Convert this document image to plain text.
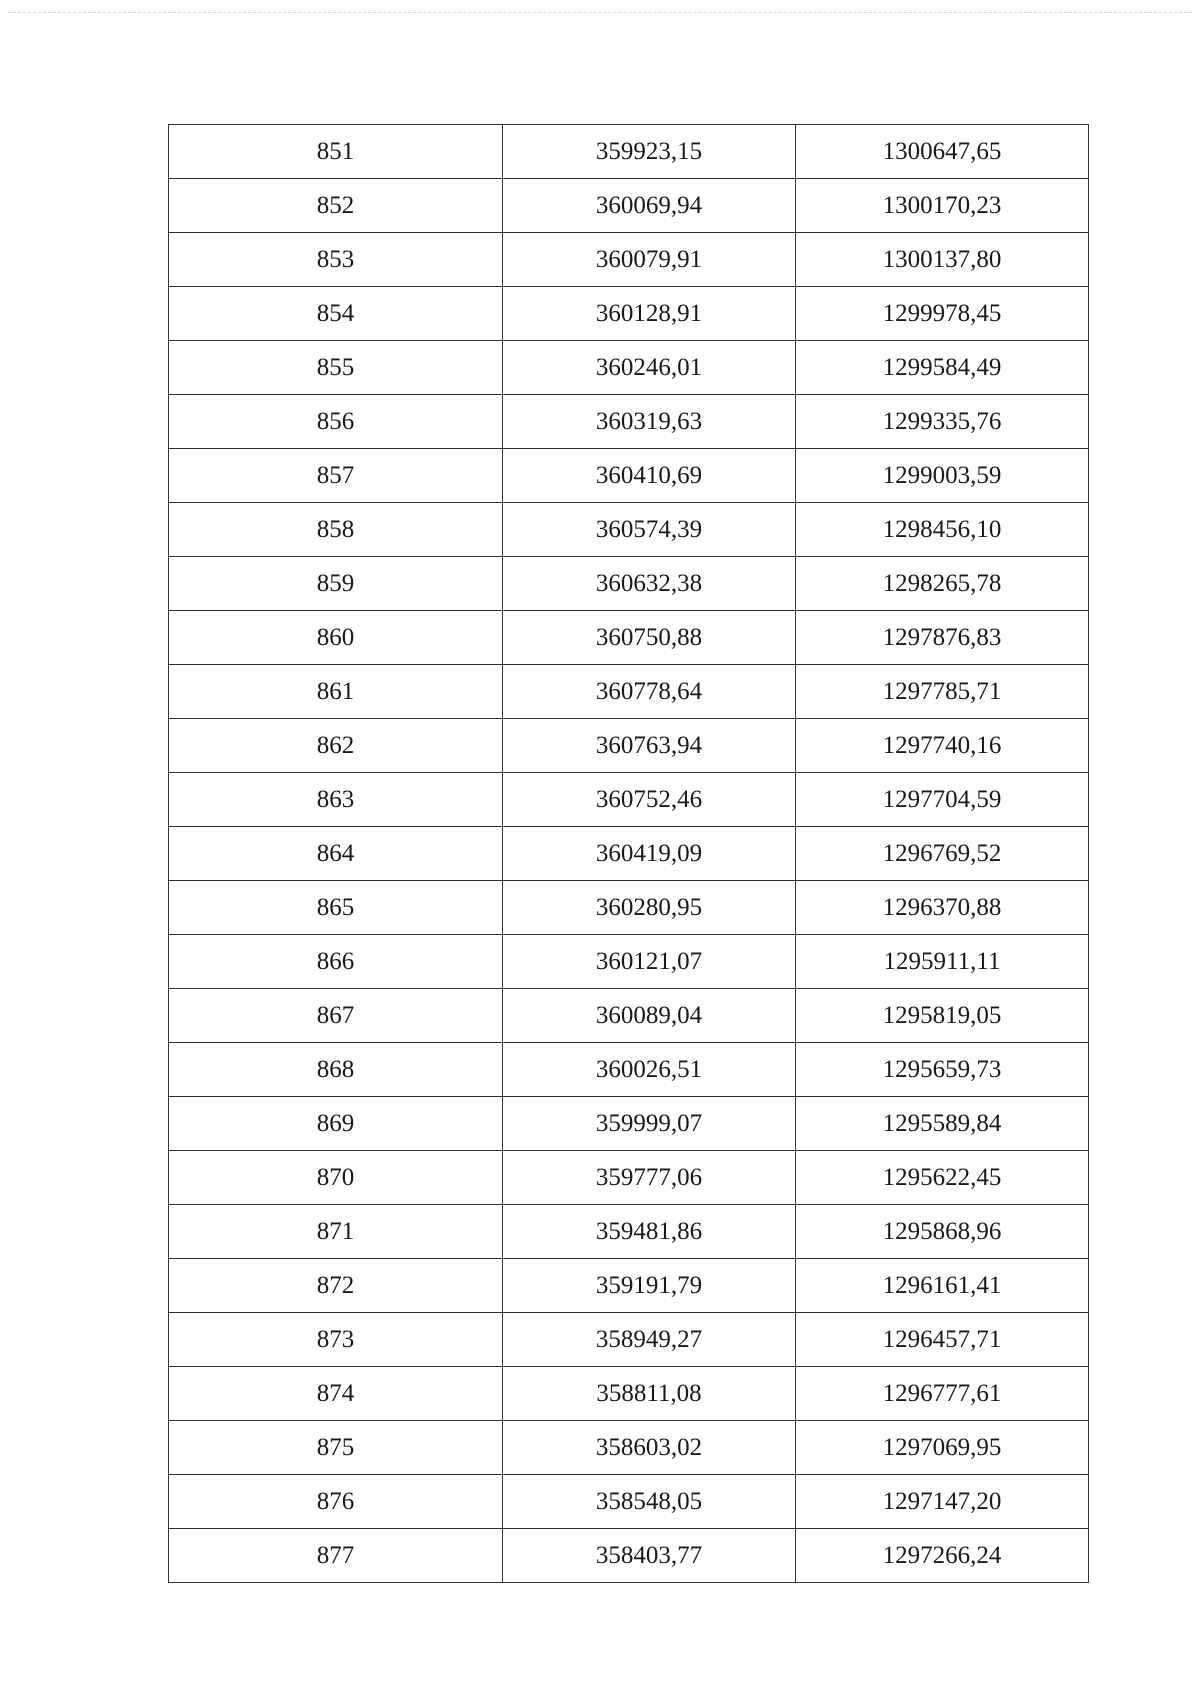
851	359923,15	1300647,65
852	360069,94	1300170,23
853	360079,91	1300137,80
854	360128,91	1299978,45
855	360246,01	1299584,49
856	360319,63	1299335,76
857	360410,69	1299003,59
858	360574,39	1298456,10
859	360632,38	1298265,78
860	360750,88	1297876,83
861	360778,64	1297785,71
862	360763,94	1297740,16
863	360752,46	1297704,59
864	360419,09	1296769,52
865	360280,95	1296370,88
866	360121,07	1295911,11
867	360089,04	1295819,05
868	360026,51	1295659,73
869	359999,07	1295589,84
870	359777,06	1295622,45
871	359481,86	1295868,96
872	359191,79	1296161,41
873	358949,27	1296457,71
874	358811,08	1296777,61
875	358603,02	1297069,95
876	358548,05	1297147,20
877	358403,77	1297266,24
